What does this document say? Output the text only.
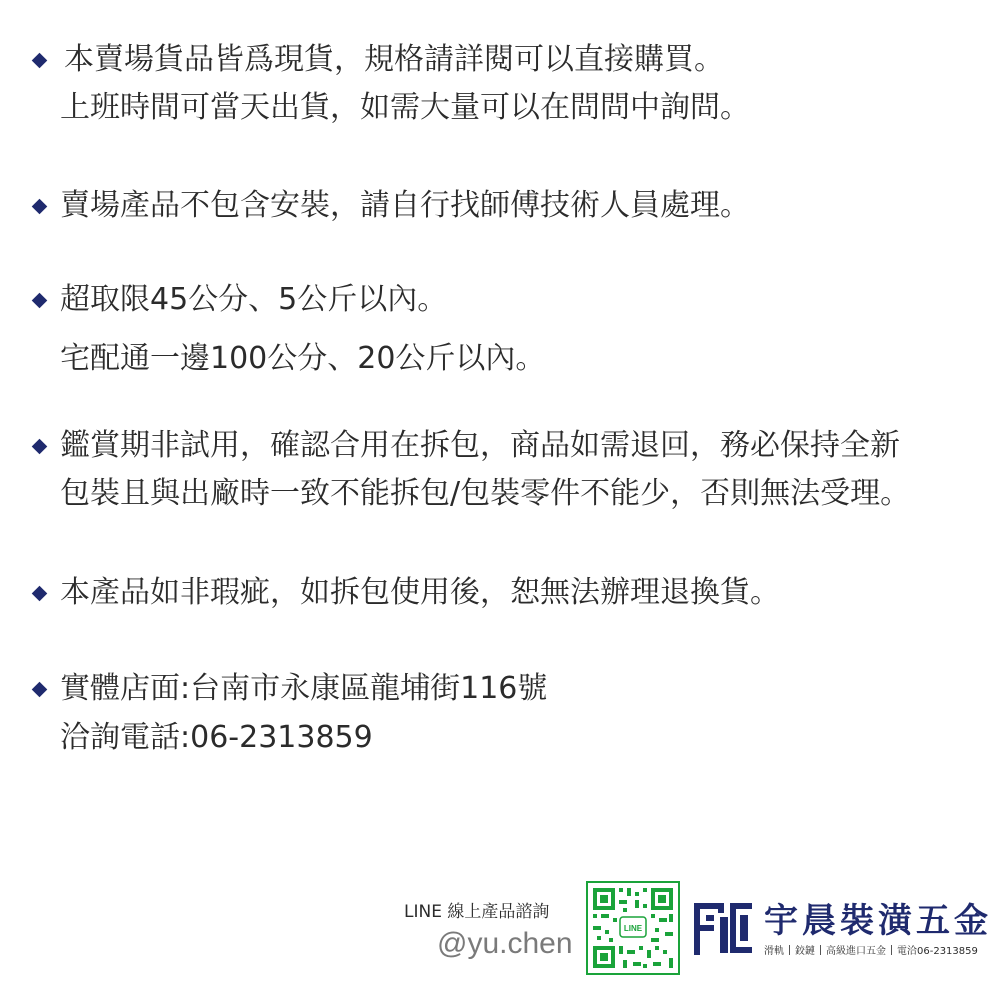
本賣場貨品皆爲現貨，規格請詳閱可以直接購買。
上班時間可當天出貨，如需大量可以在問問中詢問。
賣場產品不包含安裝，請自行找師傅技術人員處理。
超取限45公分、5公斤以內。
宅配通一邊100公分、20公斤以內。
鑑賞期非試用，確認合用在拆包，商品如需退回，務必保持全新
包裝且與出廠時一致不能拆包/包裝零件不能少，否則無法受理。
本產品如非瑕疵，如拆包使用後，恕無法辦理退換貨。
實體店面:台南市永康區龍埔街116號
洽詢電話:06-2313859
LINE 線上產品諮詢
@yu.chen	LINE	宇晨裝潢五金
滑軌 鉸鏈 高級進口五金 電洽06-2313859
